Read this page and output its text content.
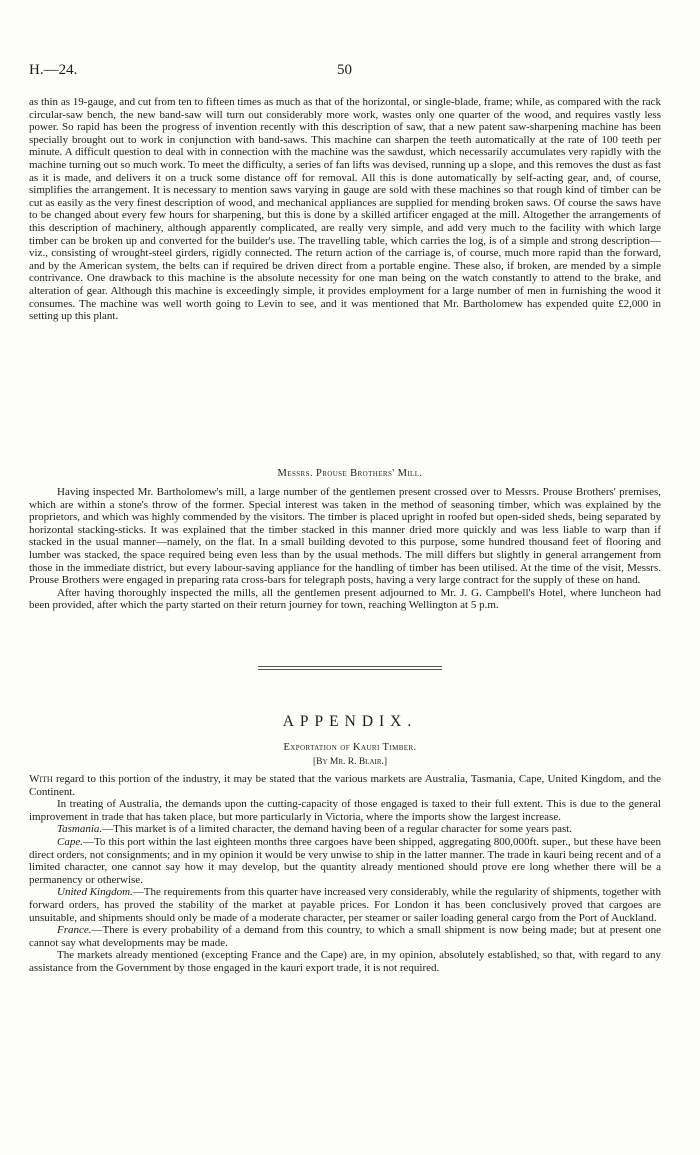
H.—24.	50

as thin as 19-gauge, and cut from ten to fifteen times as much as that of the horizontal, or single-blade, frame; while, as compared with the rack circular-saw bench, the new band-saw will turn out considerably more work, wastes only one quarter of the wood, and requires vastly less power. So rapid has been the progress of invention recently with this description of saw, that a new patent saw-sharpening machine has been specially brought out to work in conjunction with band-saws. This machine can sharpen the teeth automatically at the rate of 100 teeth per minute. A difficult question to deal with in connection with the machine was the sawdust, which necessarily accumulates very rapidly with the machine turning out so much work. To meet the difficulty, a series of fan lifts was devised, running up a slope, and this removes the dust as fast as it is made, and delivers it on a truck some distance off for removal. All this is done automatically by self-acting gear, and, of course, simplifies the arrangement. It is necessary to mention saws varying in gauge are sold with these machines so that rough kind of timber can be cut as easily as the very finest description of wood, and mechanical appliances are supplied for mending broken saws. Of course the saws have to be changed about every few hours for sharpening, but this is done by a skilled artificer engaged at the mill. Altogether the arrangements of this description of machinery, although apparently complicated, are really very simple, and add very much to the facility with which large timber can be broken up and converted for the builder's use. The travelling table, which carries the log, is of a simple and strong description—viz., consisting of wrought-steel girders, rigidly connected. The return action of the carriage is, of course, much more rapid than the forward, and by the American system, the belts can if required be driven direct from a portable engine. These also, if broken, are mended by a simple contrivance. One drawback to this machine is the absolute necessity for one man being on the watch constantly to attend to the brake, and alteration of gear. Although this machine is exceedingly simple, it provides employment for a large number of men in furnishing the wood it consumes. The machine was well worth going to Levin to see, and it was mentioned that Mr. Bartholomew has expended quite £2,000 in setting up this plant.

Messrs. Prouse Brothers' Mill.

Having inspected Mr. Bartholomew's mill, a large number of the gentlemen present crossed over to Messrs. Prouse Brothers' premises, which are within a stone's throw of the former. Special interest was taken in the method of seasoning timber, which was explained by the proprietors, and which was highly commended by the visitors. The timber is placed upright in roofed but open-sided sheds, being separated by horizontal stacking-sticks. It was explained that the timber stacked in this manner dried more quickly and was less liable to warp than if stacked in the usual manner—namely, on the flat. In a small building devoted to this purpose, some hundred thousand feet of flooring and lumber was stacked, the space required being even less than by the usual methods. The mill differs but slightly in general arrangement from those in the immediate district, but every labour-saving appliance for the handling of timber has been utilised. At the time of the visit, Messrs. Prouse Brothers were engaged in preparing rata cross-bars for telegraph posts, having a very large contract for the supply of these on hand.

After having thoroughly inspected the mills, all the gentlemen present adjourned to Mr. J. G. Campbell's Hotel, where luncheon had been provided, after which the party started on their return journey for town, reaching Wellington at 5 p.m.

APPENDIX.
Exportation of Kauri Timber.
[By Mr. R. Blair.]

With regard to this portion of the industry, it may be stated that the various markets are Australia, Tasmania, Cape, United Kingdom, and the Continent.

In treating of Australia, the demands upon the cutting-capacity of those engaged is taxed to their full extent. This is due to the general improvement in trade that has taken place, but more particularly in Victoria, where the imports show the largest increase.

Tasmania.—This market is of a limited character, the demand having been of a regular character for some years past.

Cape.—To this port within the last eighteen months three cargoes have been shipped, aggregating 800,000ft. super., but these have been direct orders, not consignments; and in my opinion it would be very unwise to ship in the latter manner. The trade in kauri being recent and of a limited character, one cannot say how it may develop, but the quantity already mentioned should prove ere long whether there will be a permanency or otherwise.

United Kingdom.—The requirements from this quarter have increased very considerably, while the regularity of shipments, together with forward orders, has proved the stability of the market at payable prices. For London it has been conclusively proved that cargoes are unsuitable, and shipments should only be made of a moderate character, per steamer or sailer loading general cargo from the Port of Auckland.

France.—There is every probability of a demand from this country, to which a small shipment is now being made; but at present one cannot say what developments may be made.

The markets already mentioned (excepting France and the Cape) are, in my opinion, absolutely established, so that, with regard to any assistance from the Government by those engaged in the kauri export trade, it is not required.
